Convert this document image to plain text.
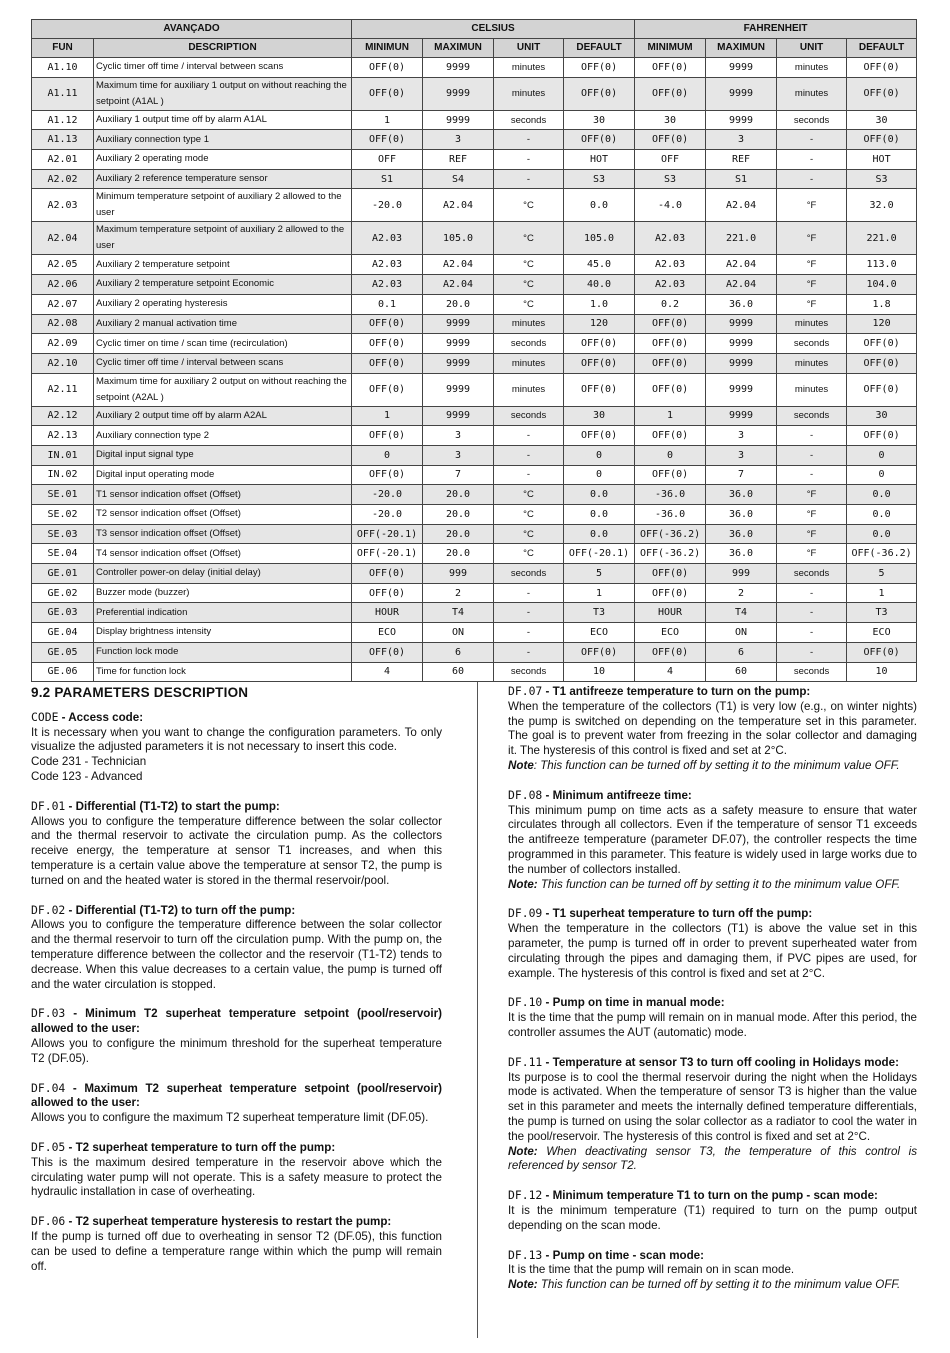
AVANÇADO		CELSIUS				FAHRENHEIT			
FUN	DESCRIPTION	MINIMUN	MAXIMUN	UNIT	DEFAULT	MINIMUM	MAXIMUN	UNIT	DEFAULT
A1.10	Cyclic timer off time / interval between scans	OFF(0)	9999	minutes	OFF(0)	OFF(0)	9999	minutes	OFF(0)
A1.11	Maximum time for auxiliary 1 output on without reaching the setpoint (A1AL )	OFF(0)	9999	minutes	OFF(0)	OFF(0)	9999	minutes	OFF(0)
A1.12	Auxiliary 1 output time off by alarm A1AL	1	9999	seconds	30	30	9999	seconds	30
A1.13	Auxiliary connection type 1	OFF(0)	3	-	OFF(0)	OFF(0)	3	-	OFF(0)
A2.01	Auxiliary 2 operating mode	OFF	REF	-	HOT	OFF	REF	-	HOT
A2.02	Auxiliary 2 reference temperature sensor	S1	S4	-	S3	S3	S1	-	S3
A2.03	Minimum temperature setpoint of auxiliary 2 allowed to the user	-20.0	A2.04	°C	0.0	-4.0	A2.04	°F	32.0
A2.04	Maximum temperature setpoint of auxiliary 2 allowed to the user	A2.03	105.0	°C	105.0	A2.03	221.0	°F	221.0
A2.05	Auxiliary 2 temperature setpoint	A2.03	A2.04	°C	45.0	A2.03	A2.04	°F	113.0
A2.06	Auxiliary 2 temperature setpoint Economic	A2.03	A2.04	°C	40.0	A2.03	A2.04	°F	104.0
A2.07	Auxiliary 2 operating hysteresis	0.1	20.0	°C	1.0	0.2	36.0	°F	1.8
A2.08	Auxiliary 2 manual activation time	OFF(0)	9999	minutes	120	OFF(0)	9999	minutes	120
A2.09	Cyclic timer on time / scan time (recirculation)	OFF(0)	9999	seconds	OFF(0)	OFF(0)	9999	seconds	OFF(0)
A2.10	Cyclic timer off time / interval between scans	OFF(0)	9999	minutes	OFF(0)	OFF(0)	9999	minutes	OFF(0)
A2.11	Maximum time for auxiliary 2 output on without reaching the setpoint (A2AL )	OFF(0)	9999	minutes	OFF(0)	OFF(0)	9999	minutes	OFF(0)
A2.12	Auxiliary 2 output time off by alarm A2AL	1	9999	seconds	30	1	9999	seconds	30
A2.13	Auxiliary connection type 2	OFF(0)	3	-	OFF(0)	OFF(0)	3	-	OFF(0)
IN.01	Digital input signal type	0	3	-	0	0	3	-	0
IN.02	Digital input operating mode	OFF(0)	7	-	0	OFF(0)	7	-	0
SE.01	T1 sensor indication offset (Offset)	-20.0	20.0	°C	0.0	-36.0	36.0	°F	0.0
SE.02	T2 sensor indication offset (Offset)	-20.0	20.0	°C	0.0	-36.0	36.0	°F	0.0
SE.03	T3 sensor indication offset (Offset)	OFF(-20.1)	20.0	°C	0.0	OFF(-36.2)	36.0	°F	0.0
SE.04	T4 sensor indication offset (Offset)	OFF(-20.1)	20.0	°C	OFF(-20.1)	OFF(-36.2)	36.0	°F	OFF(-36.2)
GE.01	Controller power-on delay (initial delay)	OFF(0)	999	seconds	5	OFF(0)	999	seconds	5
GE.02	Buzzer mode (buzzer)	OFF(0)	2	-	1	OFF(0)	2	-	1
GE.03	Preferential indication	HOUR	T4	-	T3	HOUR	T4	-	T3
GE.04	Display brightness intensity	ECO	ON	-	ECO	ECO	ON	-	ECO
GE.05	Function lock mode	OFF(0)	6	-	OFF(0)	OFF(0)	6	-	OFF(0)
GE.06	Time for function lock	4	60	seconds	10	4	60	seconds	10
9.2 PARAMETERS DESCRIPTION
CODE - Access code:
It is necessary when you want to change the configuration parameters. To only visualize the adjusted parameters it is not necessary to insert this code.
Code 231 - Technician
Code 123 - Advanced
DF.01 - Differential (T1-T2) to start the pump:
Allows you to configure the temperature difference between the solar collector and the thermal reservoir to activate the circulation pump. As the collectors receive energy, the temperature at sensor T1 increases, and when this temperature is a certain value above the temperature at sensor T2, the pump is turned on and the heated water is stored in the thermal reservoir/pool.
DF.02 - Differential (T1-T2) to turn off the pump:
Allows you to configure the temperature difference between the solar collector and the thermal reservoir to turn off the circulation pump. With the pump on, the temperature difference between the collector and the reservoir (T1-T2) tends to decrease. When this value decreases to a certain value, the pump is turned off and the water circulation is stopped.
DF.03 - Minimum T2 superheat temperature setpoint (pool/reservoir) allowed to the user:
Allows you to configure the minimum threshold for the superheat temperature T2 (DF.05).
DF.04 - Maximum T2 superheat temperature setpoint (pool/reservoir) allowed to the user:
Allows you to configure the maximum T2 superheat temperature limit (DF.05).
DF.05 - T2 superheat temperature to turn off the pump:
This is the maximum desired temperature in the reservoir above which the circulating water pump will not operate. This is a safety measure to protect the hydraulic installation in case of overheating.
DF.06 - T2 superheat temperature hysteresis to restart the pump:
If the pump is turned off due to overheating in sensor T2 (DF.05), this function can be used to define a temperature range within which the pump will remain off.
DF.07 - T1 antifreeze temperature to turn on the pump:
When the temperature of the collectors (T1) is very low (e.g., on winter nights) the pump is switched on depending on the temperature set in this parameter. The goal is to prevent water from freezing in the solar collector and damaging it. The hysteresis of this control is fixed and set at 2°C.
Note: This function can be turned off by setting it to the minimum value OFF.
DF.08 - Minimum antifreeze time:
This minimum pump on time acts as a safety measure to ensure that water circulates through all collectors. Even if the temperature of sensor T1 exceeds the antifreeze temperature (parameter DF.07), the controller respects the time programmed in this parameter. This feature is widely used in large works due to the number of collectors installed.
Note: This function can be turned off by setting it to the minimum value OFF.
DF.09 - T1 superheat temperature to turn off the pump:
When the temperature in the collectors (T1) is above the value set in this parameter, the pump is turned off in order to prevent superheated water from circulating through the pipes and damaging them, if PVC pipes are used, for example. The hysteresis of this control is fixed and set at 2°C.
DF.10 - Pump on time in manual mode:
It is the time that the pump will remain on in manual mode. After this period, the controller assumes the AUT (automatic) mode.
DF.11 - Temperature at sensor T3 to turn off cooling in Holidays mode:
Its purpose is to cool the thermal reservoir during the night when the Holidays mode is activated. When the temperature of sensor T3 is higher than the value set in this parameter and meets the internally defined temperature differentials, the pump is turned on using the solar collector as a radiator to cool the water in the pool/reservoir. The hysteresis of this control is fixed and set at 2°C.
Note: When deactivating sensor T3, the temperature of this control is referenced by sensor T2.
DF.12 - Minimum temperature T1 to turn on the pump - scan mode:
It is the minimum temperature (T1) required to turn on the pump output depending on the scan mode.
DF.13 - Pump on time - scan mode:
It is the time that the pump will remain on in scan mode.
Note: This function can be turned off by setting it to the minimum value OFF.
